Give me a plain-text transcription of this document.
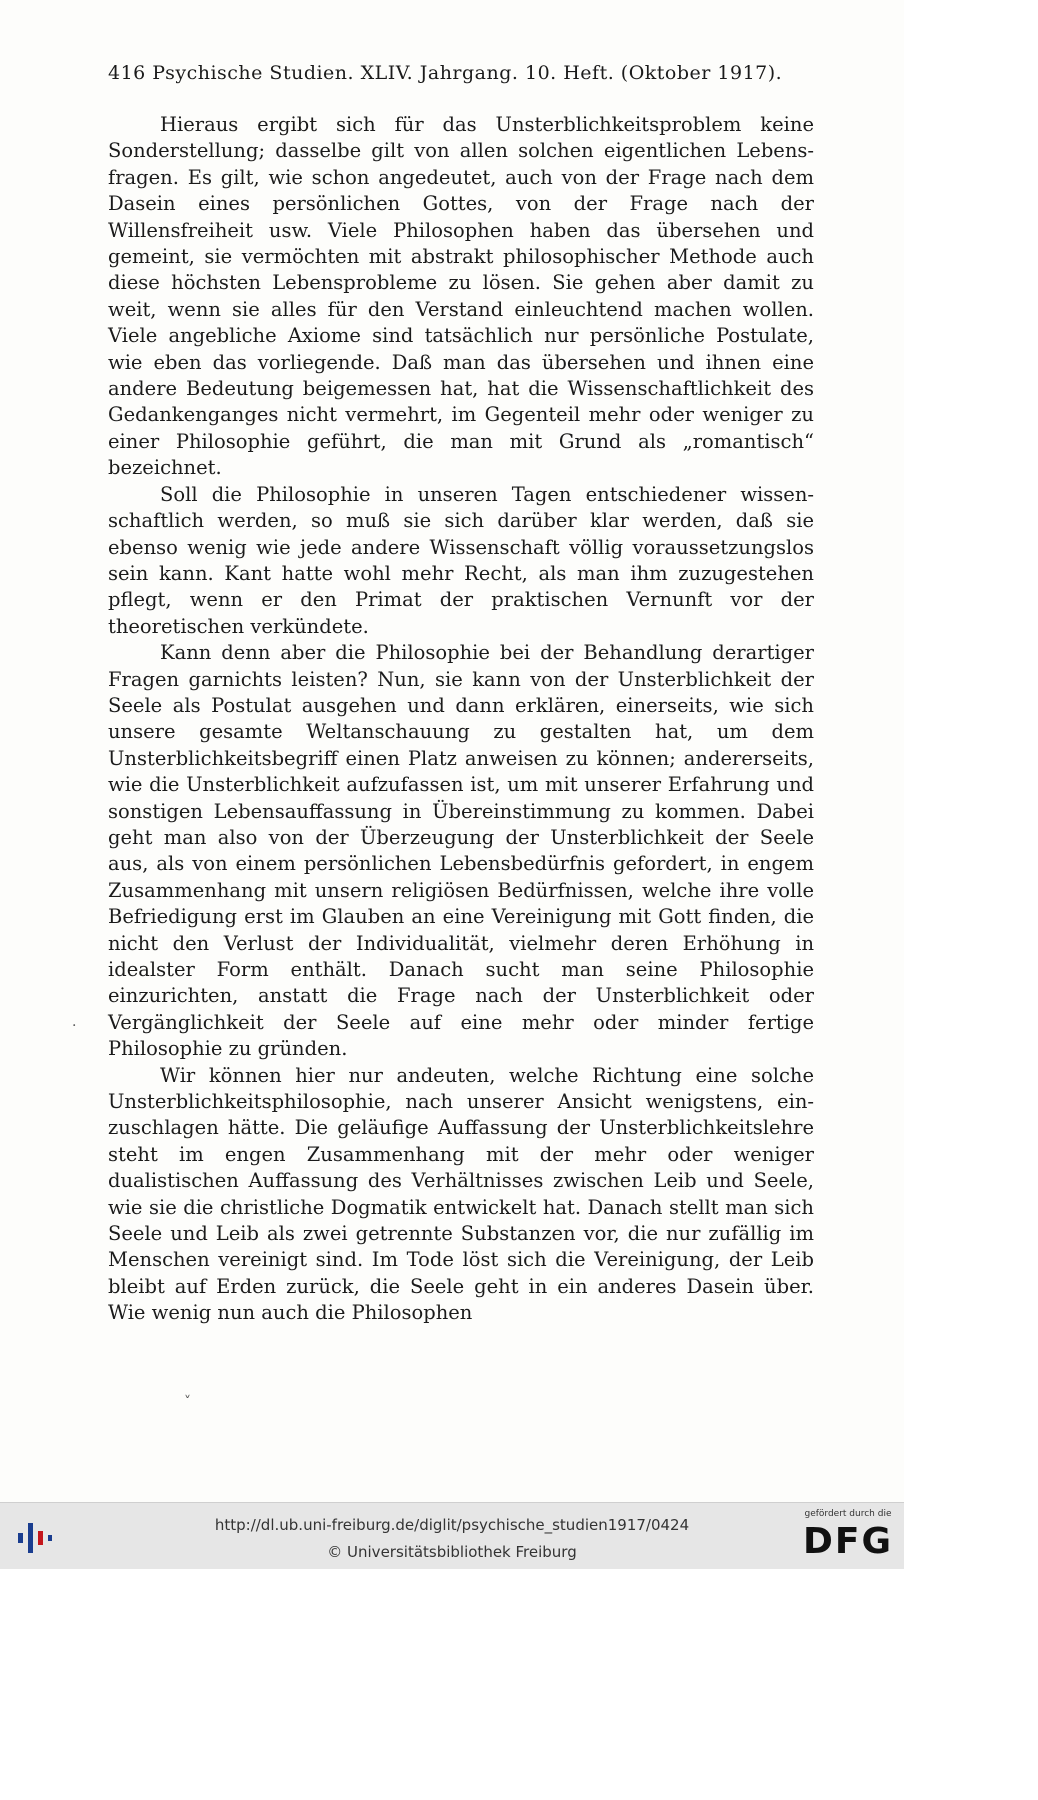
416 Psychische Studien. XLIV. Jahrgang. 10. Heft. (Oktober 1917).

Hieraus ergibt sich für das Unsterblichkeitsproblem keine Sonderstellung; dasselbe gilt von allen solchen eigentlichen Lebensfragen. Es gilt, wie schon angedeutet, auch von der Frage nach dem Dasein eines persönlichen Gottes, von der Frage nach der Willensfreiheit usw. Viele Philosophen haben das übersehen und gemeint, sie vermöchten mit abstrakt philosophischer Methode auch diese höchsten Lebensprobleme zu lösen. Sie gehen aber damit zu weit, wenn sie alles für den Verstand einleuchtend machen wollen. Viele angebliche Axiome sind tatsächlich nur persönliche Postulate, wie eben das vorliegende. Daß man das übersehen und ihnen eine andere Bedeutung beigemessen hat, hat die Wissenschaftlichkeit des Gedankenganges nicht vermehrt, im Gegenteil mehr oder weniger zu einer Philosophie geführt, die man mit Grund als „romantisch“ bezeichnet.

Soll die Philosophie in unseren Tagen entschiedener wissenschaftlich werden, so muß sie sich darüber klar werden, daß sie ebenso wenig wie jede andere Wissenschaft völlig voraussetzungslos sein kann. Kant hatte wohl mehr Recht, als man ihm zuzugestehen pflegt, wenn er den Primat der praktischen Vernunft vor der theoretischen verkündete.

Kann denn aber die Philosophie bei der Behandlung derartiger Fragen garnichts leisten? Nun, sie kann von der Unsterblichkeit der Seele als Postulat ausgehen und dann erklären, einerseits, wie sich unsere gesamte Weltanschauung zu gestalten hat, um dem Unsterblichkeitsbegriff einen Platz anweisen zu können; andererseits, wie die Unsterblichkeit aufzufassen ist, um mit unserer Erfahrung und sonstigen Lebensauffassung in Übereinstimmung zu kommen. Dabei geht man also von der Überzeugung der Unsterblichkeit der Seele aus, als von einem persönlichen Lebensbedürfnis gefordert, in engem Zusammenhang mit unsern religiösen Bedürfnissen, welche ihre volle Befriedigung erst im Glauben an eine Vereinigung mit Gott finden, die nicht den Verlust der Individualität, vielmehr deren Erhöhung in idealster Form enthält. Danach sucht man seine Philosophie einzurichten, anstatt die Frage nach der Unsterblichkeit oder Vergänglichkeit der Seele auf eine mehr oder minder fertige Philosophie zu gründen.

Wir können hier nur andeuten, welche Richtung eine solche Unsterblichkeitsphilosophie, nach unserer Ansicht wenigstens, einzuschlagen hätte. Die geläufige Auffassung der Unsterblichkeitslehre steht im engen Zusammenhang mit der mehr oder weniger dualistischen Auffassung des Verhältnisses zwischen Leib und Seele, wie sie die christliche Dogmatik entwickelt hat. Danach stellt man sich Seele und Leib als zwei getrennte Substanzen vor, die nur zufällig im Menschen vereinigt sind. Im Tode löst sich die Vereinigung, der Leib bleibt auf Erden zurück, die Seele geht in ein anderes Dasein über. Wie wenig nun auch die Philosophen

·
˅
http://dl.ub.uni-freiburg.de/diglit/psychische_studien1917/0424
© Universitätsbibliothek Freiburg
gefördert durch die
DFG
